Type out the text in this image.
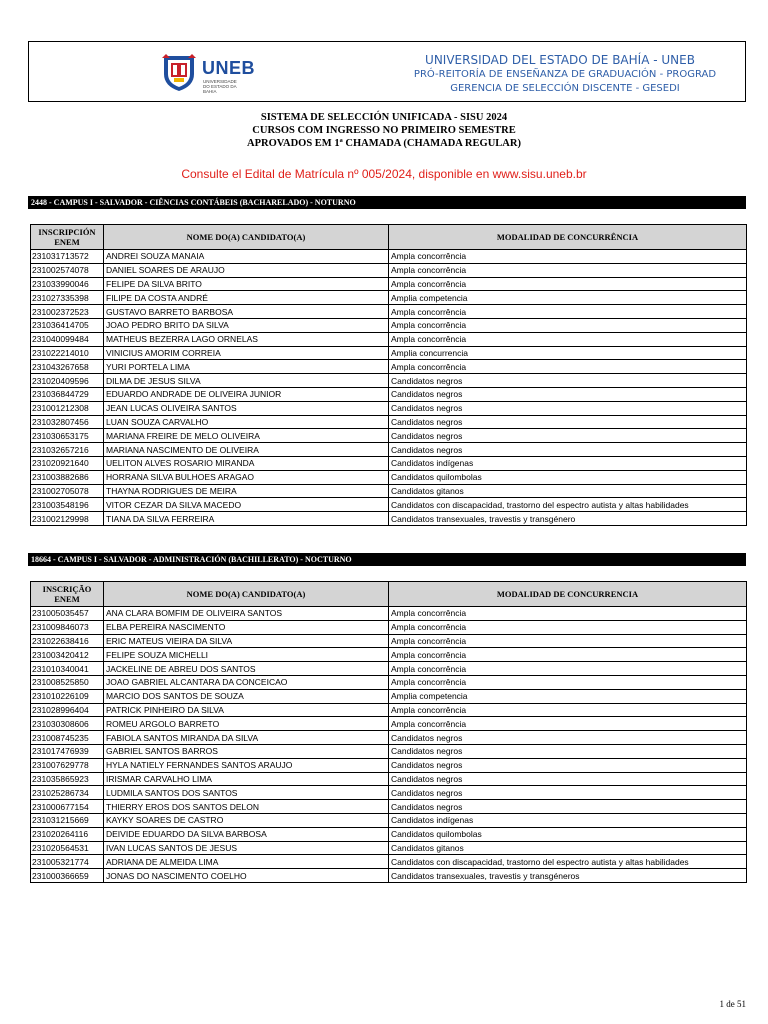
UNEB
UNIVERSIDADE DO ESTADO DA BAHIA
UNIVERSIDAD DEL ESTADO DE BAHÍA - UNEB
PRÓ-REITORÍA DE ENSEÑANZA DE GRADUACIÓN - PROGRAD
GERENCIA DE SELECCIÓN DISCENTE - GESEDI
SISTEMA DE SELECCIÓN UNIFICADA - SISU 2024
CURSOS COM INGRESSO NO PRIMEIRO SEMESTRE
APROVADOS EM 1ª CHAMADA (CHAMADA REGULAR)
Consulte el Edital de Matrícula nº 005/2024, disponible en www.sisu.uneb.br
2448 - CAMPUS I - SALVADOR - CIÊNCIAS CONTÁBEIS (BACHARELADO) - NOTURNO
INSCRIPCIÓN ENEM	NOME DO(A) CANDIDATO(A)	MODALIDAD DE CONCURRÊNCIA
231031713572	ANDREI SOUZA MANAIA	Ampla concorrência
231002574078	DANIEL SOARES DE ARAUJO	Ampla concorrência
231033990046	FELIPE DA SILVA BRITO	Ampla concorrência
231027335398	FILIPE DA COSTA ANDRÉ	Amplia competencia
231002372523	GUSTAVO BARRETO BARBOSA	Ampla concorrência
231036414705	JOAO PEDRO BRITO DA SILVA	Ampla concorrência
231040099484	MATHEUS BEZERRA LAGO ORNELAS	Ampla concorrência
231022214010	VINICIUS AMORIM CORREIA	Amplia concurrencia
231043267658	YURI PORTELA LIMA	Ampla concorrência
231020409596	DILMA DE JESUS SILVA	Candidatos negros
231036844729	EDUARDO ANDRADE DE OLIVEIRA JUNIOR	Candidatos negros
231001212308	JEAN LUCAS OLIVEIRA SANTOS	Candidatos negros
231032807456	LUAN SOUZA CARVALHO	Candidatos negros
231030653175	MARIANA FREIRE DE MELO OLIVEIRA	Candidatos negros
231032657216	MARIANA NASCIMENTO DE OLIVEIRA	Candidatos negros
231020921640	UELITON ALVES ROSARIO MIRANDA	Candidatos indígenas
231003882686	HORRANA SILVA BULHOES ARAGAO	Candidatos quilombolas
231002705078	THAYNA RODRIGUES DE MEIRA	Candidatos gitanos
231003548196	VITOR CEZAR DA SILVA MACEDO	Candidatos con discapacidad, trastorno del espectro autista y altas habilidades
231002129998	TIANA DA SILVA FERREIRA	Candidatos transexuales, travestis y transgénero
18664 - CAMPUS I - SALVADOR - ADMINISTRACIÓN (BACHILLERATO) - NOCTURNO
INSCRIÇÃO ENEM	NOME DO(A) CANDIDATO(A)	MODALIDAD DE CONCURRENCIA
231005035457	ANA CLARA BOMFIM DE OLIVEIRA SANTOS	Ampla concorrência
231009846073	ELBA PEREIRA NASCIMENTO	Ampla concorrência
231022638416	ERIC MATEUS VIEIRA DA SILVA	Ampla concorrência
231003420412	FELIPE SOUZA MICHELLI	Ampla concorrência
231010340041	JACKELINE DE ABREU DOS SANTOS	Ampla concorrência
231008525850	JOAO GABRIEL ALCANTARA DA CONCEICAO	Ampla concorrência
231010226109	MARCIO DOS SANTOS DE SOUZA	Amplia competencia
231028996404	PATRICK PINHEIRO DA SILVA	Ampla concorrência
231030308606	ROMEU ARGOLO BARRETO	Ampla concorrência
231008745235	FABIOLA SANTOS MIRANDA DA SILVA	Candidatos negros
231017476939	GABRIEL SANTOS BARROS	Candidatos negros
231007629778	HYLA NATIELY FERNANDES SANTOS ARAUJO	Candidatos negros
231035865923	IRISMAR CARVALHO LIMA	Candidatos negros
231025286734	LUDMILA SANTOS DOS SANTOS	Candidatos negros
231000677154	THIERRY EROS DOS SANTOS DELON	Candidatos negros
231031215669	KAYKY SOARES DE CASTRO	Candidatos indígenas
231020264116	DEIVIDE EDUARDO DA SILVA BARBOSA	Candidatos quilombolas
231020564531	IVAN LUCAS SANTOS DE JESUS	Candidatos gitanos
231005321774	ADRIANA DE ALMEIDA LIMA	Candidatos con discapacidad, trastorno del espectro autista y altas habilidades
231000366659	JONAS DO NASCIMENTO COELHO	Candidatos transexuales, travestis y transgéneros
1 de 51
